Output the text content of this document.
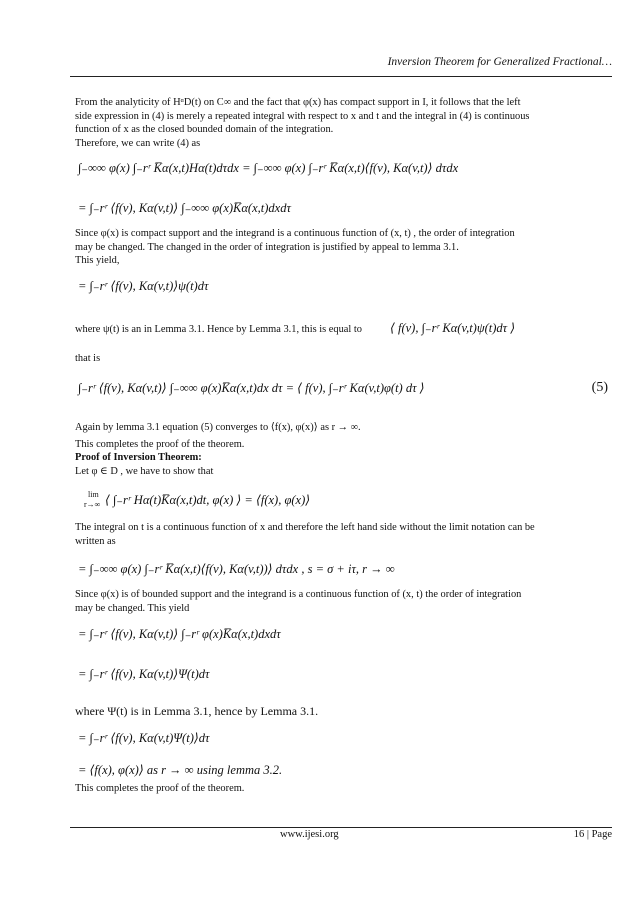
Inversion Theorem for Generalized Fractional…
From the analyticity of HᵅD(t) on C∞ and the fact that φ(x) has compact support in I, it follows that the left
side expression in (4) is merely a repeated integral with respect to x and t and the integral in (4) is continuous
function of x as the closed bounded domain of the integration.
Therefore, we can write (4) as
∫₋∞∞ φ(x) ∫₋rʳ K̅α(x,t)Hα(t)dτdx = ∫₋∞∞ φ(x) ∫₋rʳ K̅α(x,t)⟨f(v), Kα(v,t)⟩ dτdx
= ∫₋rʳ ⟨f(v), Kα(v,t)⟩ ∫₋∞∞ φ(x)K̅α(x,t)dxdτ
Since φ(x) is compact support and the integrand is a continuous function of (x, t) , the order of integration
may be changed. The changed in the order of integration is justified by appeal to lemma 3.1.
This yield,
= ∫₋rʳ ⟨f(v), Kα(v,t)⟩ψ(t)dτ
where ψ(t) is an in Lemma 3.1. Hence by Lemma 3.1, this is equal to ⟨ f(v), ∫₋rʳ Kα(v,t)ψ(t)dτ ⟩
that is
∫₋rʳ ⟨f(v), Kα(v,t)⟩ ∫₋∞∞ φ(x)K̅α(x,t)dx dτ = ⟨ f(v), ∫₋rʳ Kα(v,t)φ(t) dτ ⟩	(5)
Again by lemma 3.1 equation (5) converges to ⟨f(x), φ(x)⟩ as r → ∞.
This completes the proof of the theorem.
Proof of Inversion Theorem:
Let φ ∈ D , we have to show that
lim
r→∞ ⟨ ∫₋rʳ Hα(t)K̅α(x,t)dt, φ(x) ⟩ = ⟨f(x), φ(x)⟩
The integral on t is a continuous function of x and therefore the left hand side without the limit notation can be
written as
= ∫₋∞∞ φ(x) ∫₋rʳ K̅α(x,t)⟨f(v), Kα(v,t))⟩ dτdx , s = σ + iτ, r → ∞
Since φ(x) is of bounded support and the integrand is a continuous function of (x, t) the order of integration
may be changed. This yield
= ∫₋rʳ ⟨f(v), Kα(v,t)⟩ ∫₋rʳ φ(x)K̅α(x,t)dxdτ
= ∫₋rʳ ⟨f(v), Kα(v,t)⟩Ψ(t)dτ
where Ψ(t) is in Lemma 3.1, hence by Lemma 3.1.
= ∫₋rʳ ⟨f(v), Kα(v,t)Ψ(t)⟩dτ
= ⟨f(x), φ(x)⟩ as r → ∞ using lemma 3.2.
This completes the proof of the theorem.
www.ijesi.org	16 | Page
